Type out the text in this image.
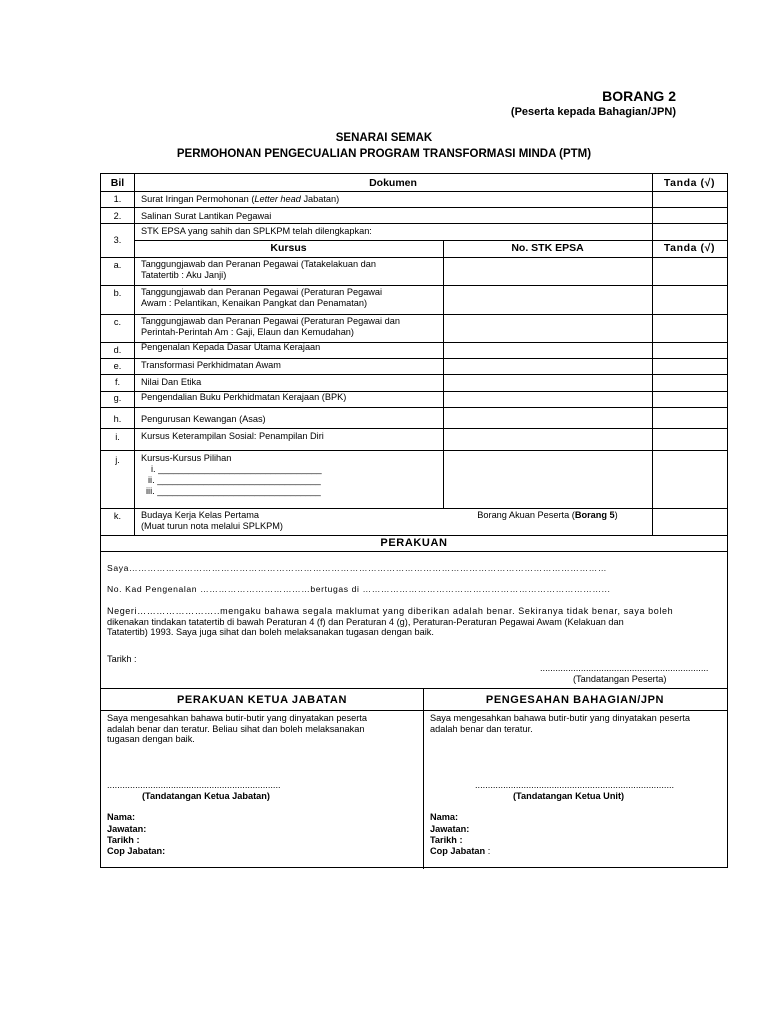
BORANG 2
(Peserta kepada Bahagian/JPN)
SENARAI SEMAK
PERMOHONAN PENGECUALIAN PROGRAM TRANSFORMASI MINDA (PTM)
Bil	Dokumen	Tanda (√)
1.	Surat Iringan Permohonan (Letter head Jabatan)
2.	Salinan Surat Lantikan Pegawai
3.
STK EPSA yang sahih dan SPLKPM telah dilengkapkan:
Kursus	No. STK EPSA	Tanda (√)
a.	Tanggungjawab dan Peranan Pegawai (Tatakelakuan dan
Tatatertib : Aku Janji)
b.	Tanggungjawab dan Peranan Pegawai (Peraturan Pegawai
Awam : Pelantikan, Kenaikan Pangkat dan Penamatan)
c.	Tanggungjawab dan Peranan Pegawai (Peraturan Pegawai dan
Perintah-Perintah Am : Gaji, Elaun dan Kemudahan)
d.	Pengenalan Kepada Dasar Utama Kerajaan
e.	Transformasi Perkhidmatan Awam
f.	Nilai Dan Etika
g.	Pengendalian Buku Perkhidmatan Kerajaan (BPK)
h.	Pengurusan Kewangan (Asas)
i.	Kursus Keterampilan Sosial: Penampilan Diri
j.	Kursus-Kursus Pilihan
i. ________________________________
ii. ________________________________
iii. ________________________________
k.	Budaya Kerja Kelas Pertama
(Muat turun nota melalui SPLKPM)
Borang Akuan Peserta (Borang 5)
PERAKUAN
Saya…………………………………………………………………………………………………………………………………………
No. Kad Pengenalan ………………………………bertugas di ……………………………………………………………………...
Negeri……………………..mengaku bahawa segala maklumat yang diberikan adalah benar. Sekiranya tidak benar, saya boleh
dikenakan tindakan tatatertib di bawah Peraturan 4 (f) dan Peraturan 4 (g), Peraturan-Peraturan Pegawai Awam (Kelakuan dan
Tatatertib) 1993. Saya juga sihat dan boleh melaksanakan tugasan dengan baik.
Tarikh :
..................................................................
(Tandatangan Peserta)
PERAKUAN KETUA JABATAN
Saya mengesahkan bahawa butir-butir yang dinyatakan peserta
adalah benar dan teratur. Beliau sihat dan boleh melaksanakan
tugasan dengan baik.
....................................................................
(Tandatangan Ketua Jabatan)
Nama:
Jawatan:
Tarikh :
Cop Jabatan:
PENGESAHAN BAHAGIAN/JPN
Saya mengesahkan bahawa butir-butir yang dinyatakan peserta
adalah benar dan teratur.
..............................................................................
(Tandatangan Ketua Unit)
Nama:
Jawatan:
Tarikh :
Cop Jabatan :
